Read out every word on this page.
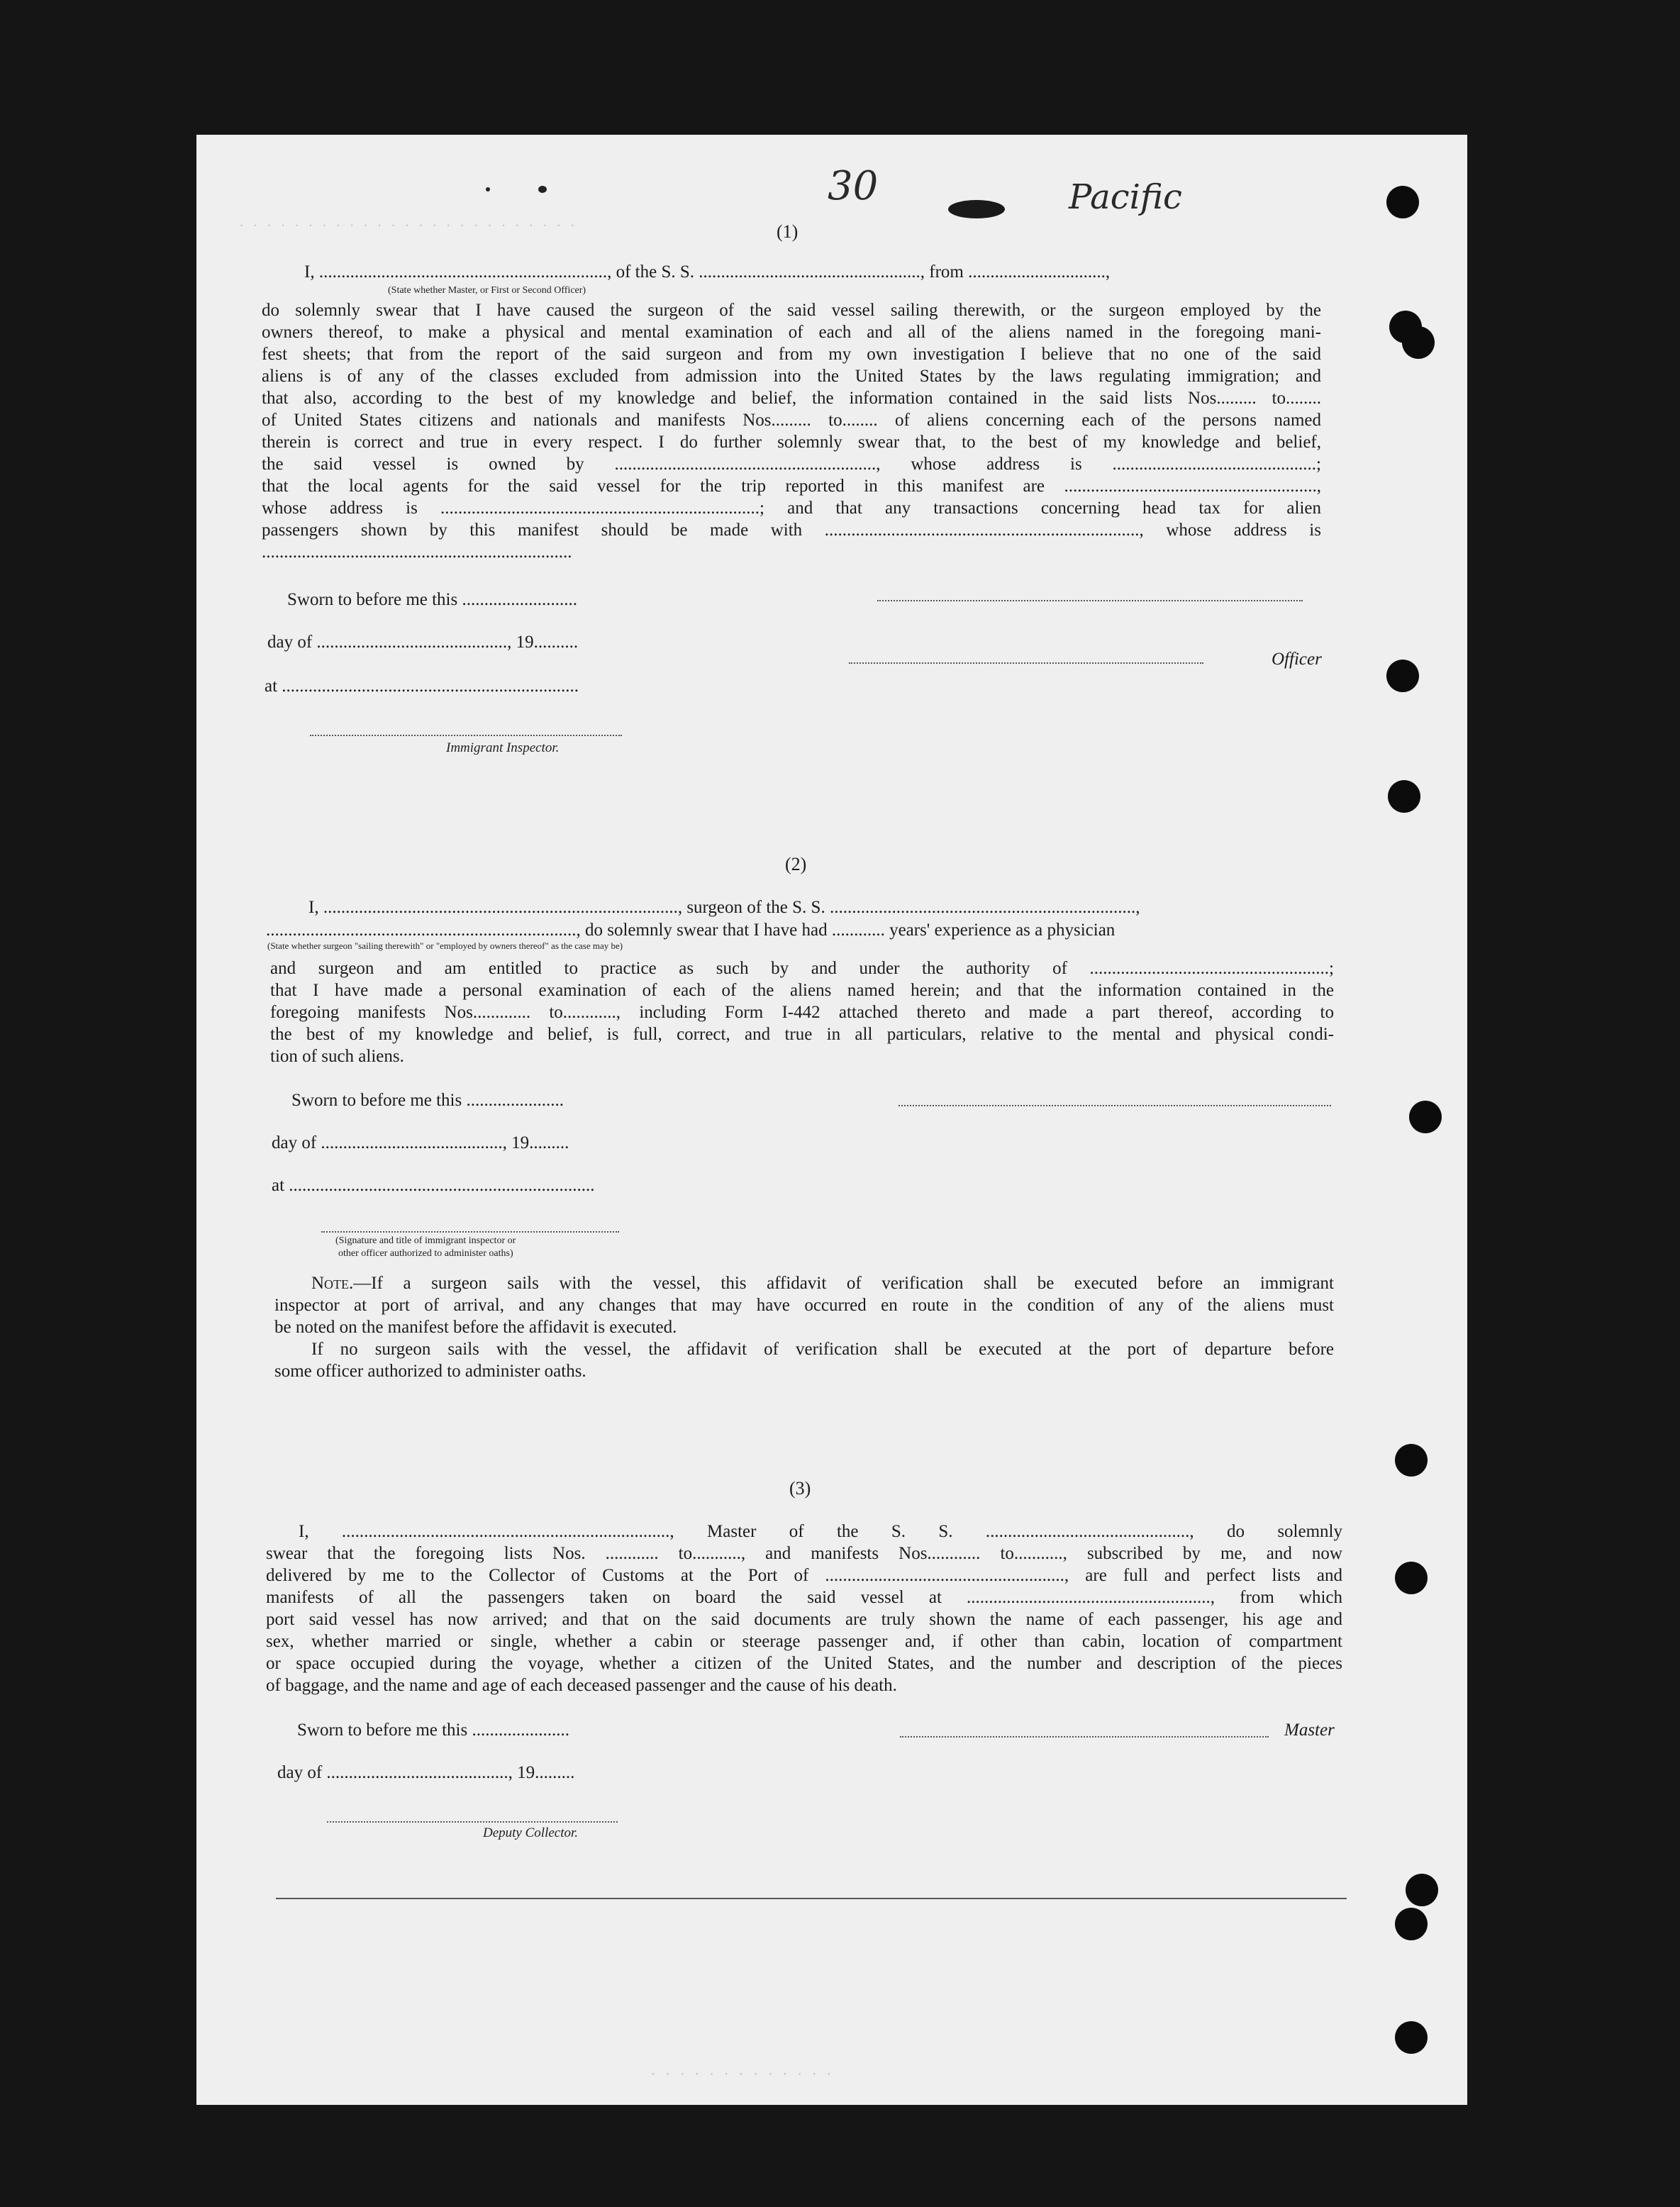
· · · · · · · · · · · · · · · · · · · · · · · · ·
30	Pacific
(1)
I, ................................................................., of the S. S. .................................................., from ...............................,
(State whether Master, or First or Second Officer)
do solemnly swear that I have caused the surgeon of the said vessel sailing therewith, or the surgeon employed by the
owners thereof, to make a physical and mental examination of each and all of the aliens named in the foregoing mani-
fest sheets; that from the report of the said surgeon and from my own investigation I believe that no one of the said
aliens is of any of the classes excluded from admission into the United States by the laws regulating immigration; and
that also, according to the best of my knowledge and belief, the information contained in the said lists Nos......... to........
of United States citizens and nationals and manifests Nos......... to........ of aliens concerning each of the persons named
therein is correct and true in every respect. I do further solemnly swear that, to the best of my knowledge and belief,
the said vessel is owned by ..........................................................., whose address is ..............................................;
that the local agents for the said vessel for the trip reported in this manifest are .........................................................,
whose address is ........................................................................; and that any transactions concerning head tax for alien
passengers shown by this manifest should be made with ......................................................................., whose address is
......................................................................
Sworn to before me this ..........................
day of ..........................................., 19..........
Officer
at ...................................................................
Immigrant Inspector.
(2)
I, ................................................................................, surgeon of the S. S. .....................................................................,
......................................................................, do solemnly swear that I have had ............ years' experience as a physician
(State whether surgeon "sailing therewith" or "employed by owners thereof" as the case may be)
and surgeon and am entitled to practice as such by and under the authority of ......................................................;
that I have made a personal examination of each of the aliens named herein; and that the information contained in the
foregoing manifests Nos............. to............, including Form I-442 attached thereto and made a part thereof, according to
the best of my knowledge and belief, is full, correct, and true in all particulars, relative to the mental and physical condi-
tion of such aliens.
Sworn to before me this ......................
day of ........................................., 19.........
at .....................................................................
(Signature and title of immigrant inspector or
other officer authorized to administer oaths)
Note.—If a surgeon sails with the vessel, this affidavit of verification shall be executed before an immigrant
inspector at port of arrival, and any changes that may have occurred en route in the condition of any of the aliens must
be noted on the manifest before the affidavit is executed.
If no surgeon sails with the vessel, the affidavit of verification shall be executed at the port of departure before
some officer authorized to administer oaths.
(3)
I, .........................................................................., Master of the S. S. .............................................., do solemnly
swear that the foregoing lists Nos. ............ to..........., and manifests Nos............ to..........., subscribed by me, and now
delivered by me to the Collector of Customs at the Port of ......................................................, are full and perfect lists and
manifests of all the passengers taken on board the said vessel at ......................................................., from which
port said vessel has now arrived; and that on the said documents are truly shown the name of each passenger, his age and
sex, whether married or single, whether a cabin or steerage passenger and, if other than cabin, location of compartment
or space occupied during the voyage, whether a citizen of the United States, and the number and description of the pieces
of baggage, and the name and age of each deceased passenger and the cause of his death.
Sworn to before me this ......................	Master
day of ........................................., 19.........
Deputy Collector.
· · · · · · · · · · · · ·
